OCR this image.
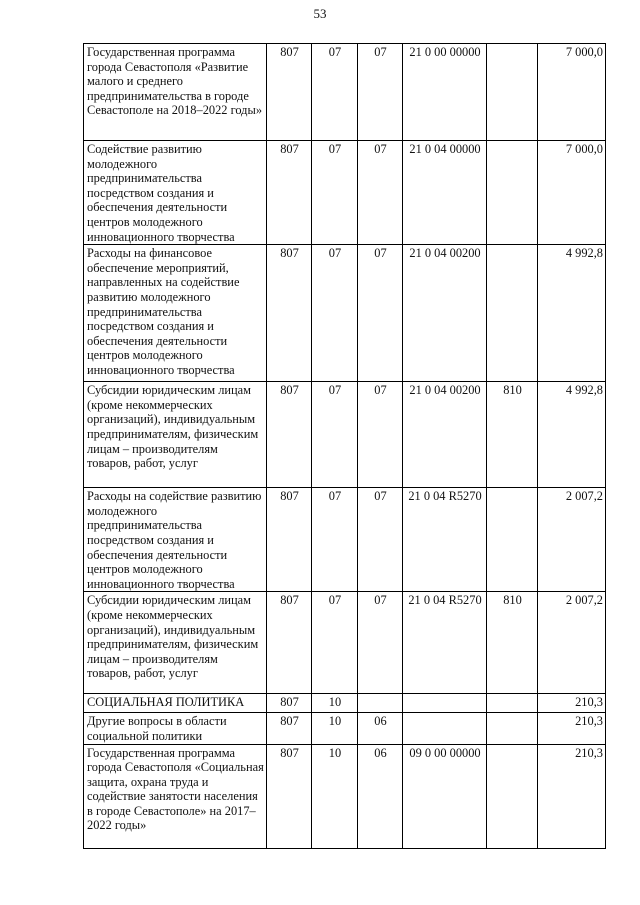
53
Государственная программа города Севастополя «Развитие малого и среднего предпринимательства в городе Севастополе на 2018–2022 годы»	807	07	07	21 0 00 00000		7 000,0
Содействие развитию молодежного предпринимательства посредством создания и обеспечения деятельности центров молодежного инновационного творчества	807	07	07	21 0 04 00000		7 000,0
Расходы на финансовое обеспечение мероприятий, направленных на содействие развитию молодежного предпринимательства посредством создания и обеспечения деятельности центров молодежного инновационного творчества	807	07	07	21 0 04 00200		4 992,8
Субсидии юридическим лицам (кроме некоммерческих организаций), индивидуальным предпринимателям, физическим лицам – производителям товаров, работ, услуг	807	07	07	21 0 04 00200	810	4 992,8
Расходы на содействие развитию молодежного предпринимательства посредством создания и обеспечения деятельности центров молодежного инновационного творчества	807	07	07	21 0 04 R5270		2 007,2
Субсидии юридическим лицам (кроме некоммерческих организаций), индивидуальным предпринимателям, физическим лицам – производителям товаров, работ, услуг	807	07	07	21 0 04 R5270	810	2 007,2
СОЦИАЛЬНАЯ ПОЛИТИКА	807	10				210,3
Другие вопросы в области социальной политики	807	10	06			210,3
Государственная программа города Севастополя «Социальная защита, охрана труда и содействие занятости населения в городе Севастополе» на 2017–2022 годы»	807	10	06	09 0 00 00000		210,3
